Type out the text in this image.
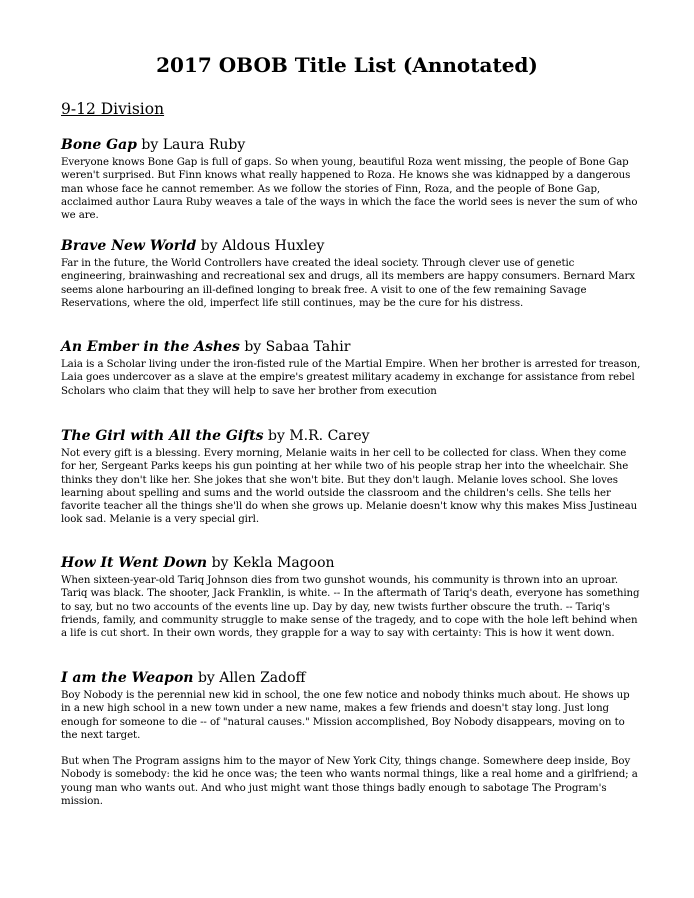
2017 OBOB Title List (Annotated)
9-12 Division
Bone Gap by Laura Ruby

Everyone knows Bone Gap is full of gaps. So when young, beautiful Roza went missing, the people of Bone Gap weren't surprised. But Finn knows what really happened to Roza. He knows she was kidnapped by a dangerous man whose face he cannot remember. As we follow the stories of Finn, Roza, and the people of Bone Gap, acclaimed author Laura Ruby weaves a tale of the ways in which the face the world sees is never the sum of who we are.

Brave New World by Aldous Huxley

Far in the future, the World Controllers have created the ideal society. Through clever use of genetic engineering, brainwashing and recreational sex and drugs, all its members are happy consumers. Bernard Marx seems alone harbouring an ill-defined longing to break free. A visit to one of the few remaining Savage Reservations, where the old, imperfect life still continues, may be the cure for his distress.

An Ember in the Ashes by Sabaa Tahir

Laia is a Scholar living under the iron-fisted rule of the Martial Empire. When her brother is arrested for treason, Laia goes undercover as a slave at the empire's greatest military academy in exchange for assistance from rebel Scholars who claim that they will help to save her brother from execution

The Girl with All the Gifts by M.R. Carey

Not every gift is a blessing. Every morning, Melanie waits in her cell to be collected for class. When they come for her, Sergeant Parks keeps his gun pointing at her while two of his people strap her into the wheelchair. She thinks they don't like her. She jokes that she won't bite. But they don't laugh. Melanie loves school. She loves learning about spelling and sums and the world outside the classroom and the children's cells. She tells her favorite teacher all the things she'll do when she grows up. Melanie doesn't know why this makes Miss Justineau look sad. Melanie is a very special girl.

How It Went Down by Kekla Magoon

When sixteen-year-old Tariq Johnson dies from two gunshot wounds, his community is thrown into an uproar. Tariq was black. The shooter, Jack Franklin, is white. -- In the aftermath of Tariq's death, everyone has something to say, but no two accounts of the events line up. Day by day, new twists further obscure the truth. -- Tariq's friends, family, and community struggle to make sense of the tragedy, and to cope with the hole left behind when a life is cut short. In their own words, they grapple for a way to say with certainty: This is how it went down.

I am the Weapon by Allen Zadoff

Boy Nobody is the perennial new kid in school, the one few notice and nobody thinks much about. He shows up in a new high school in a new town under a new name, makes a few friends and doesn't stay long. Just long enough for someone to die -- of "natural causes." Mission accomplished, Boy Nobody disappears, moving on to the next target.

But when The Program assigns him to the mayor of New York City, things change. Somewhere deep inside, Boy Nobody is somebody: the kid he once was; the teen who wants normal things, like a real home and a girlfriend; a young man who wants out. And who just might want those things badly enough to sabotage The Program's mission.
